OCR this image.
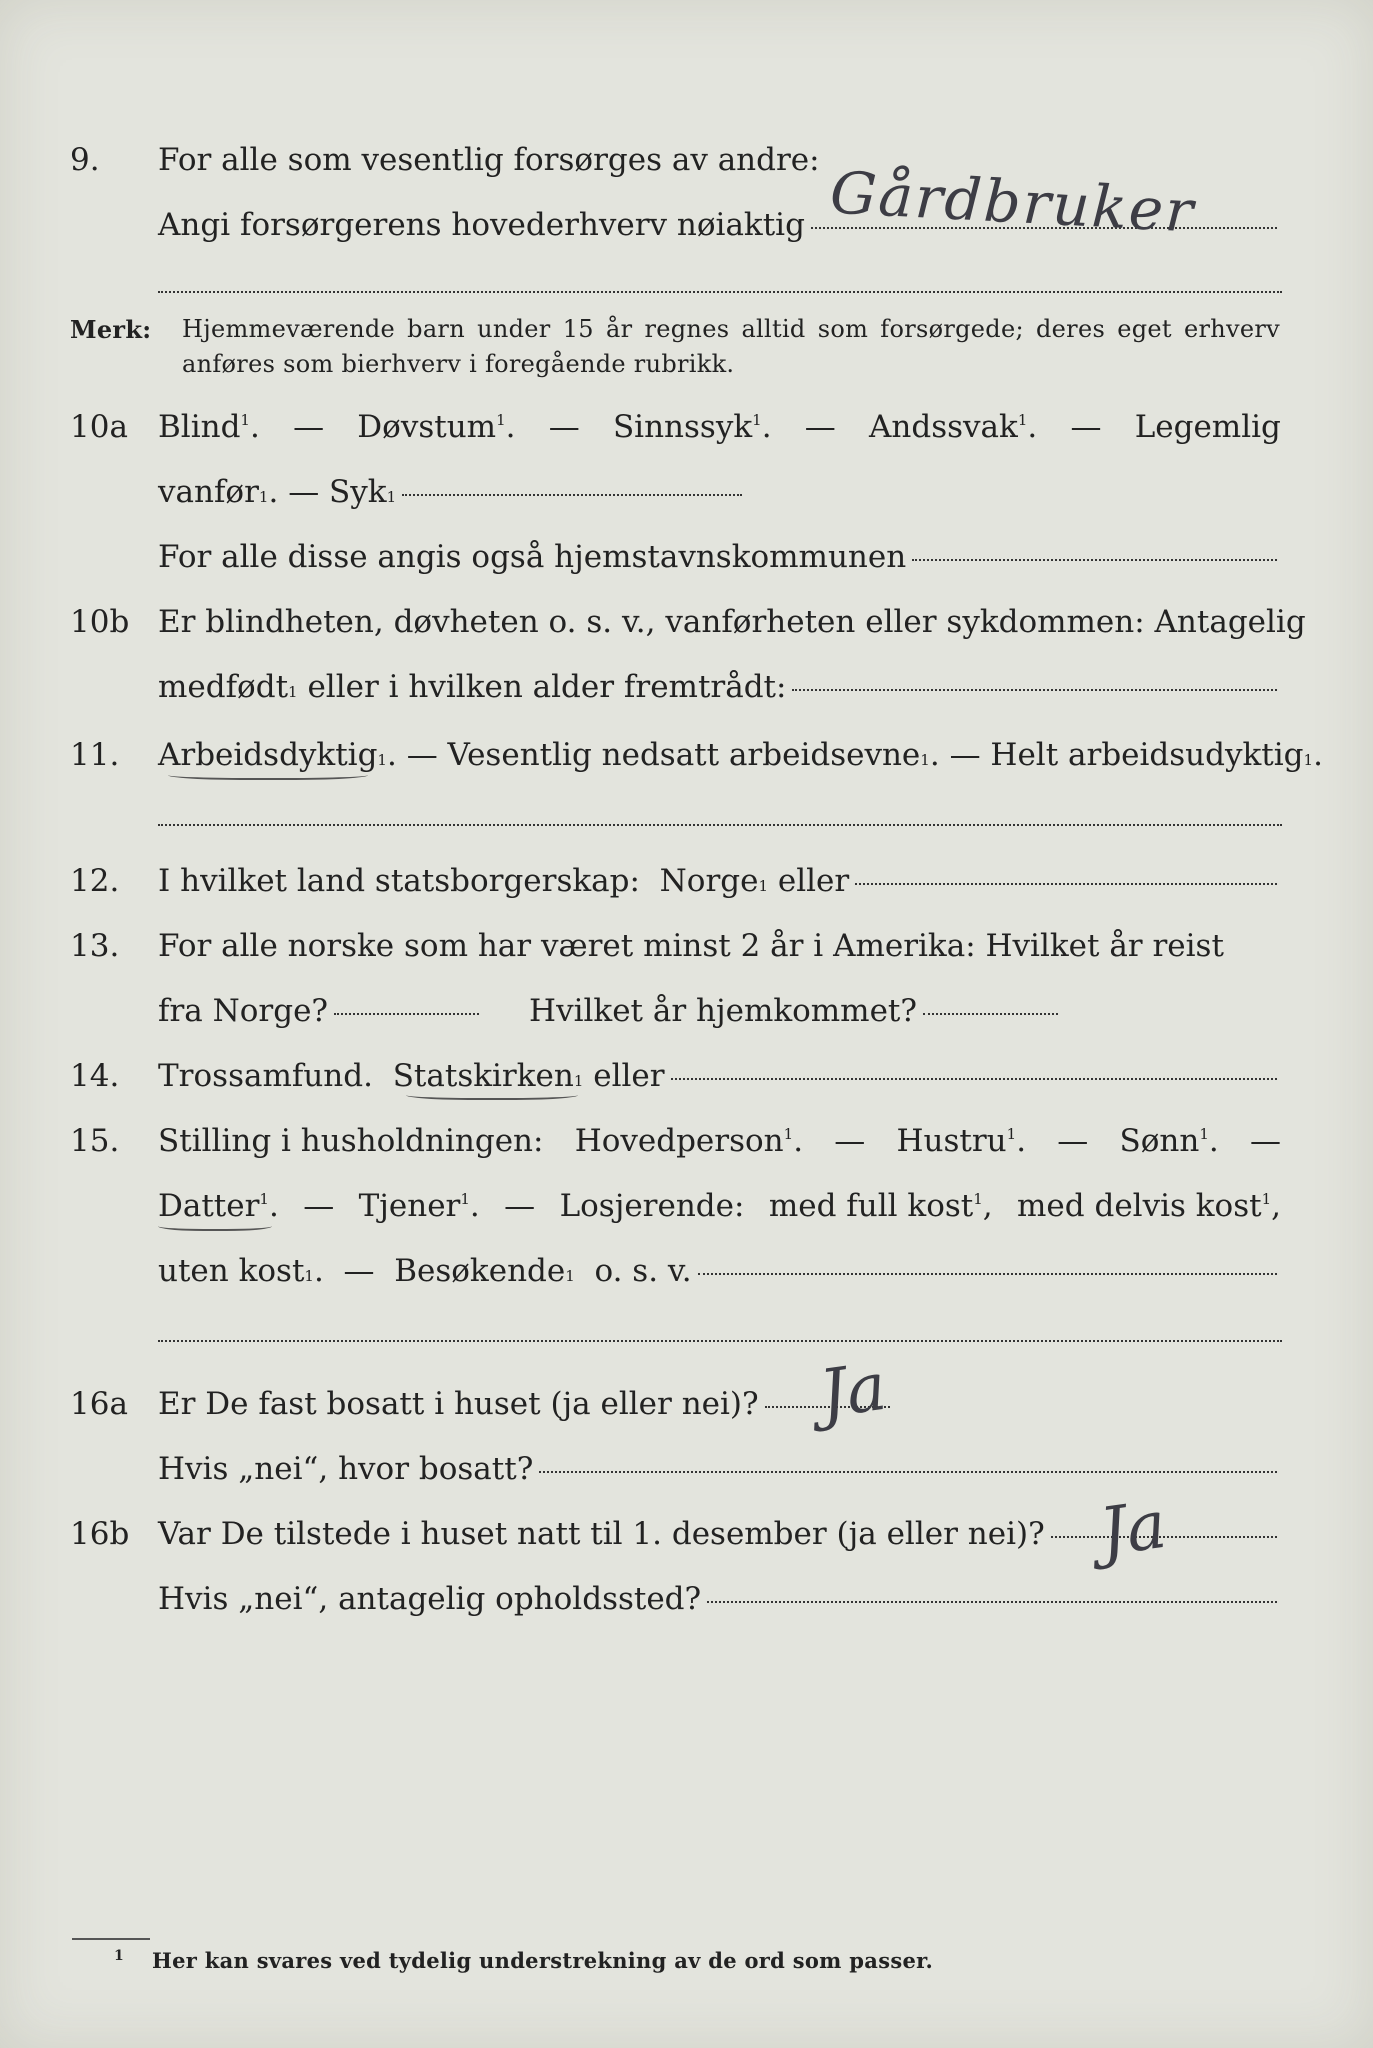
9. For alle som vesentlig forsørges av andre:
Angi forsørgerens hovederhverv nøiaktig Gårdbruker
Merk: Hjemmeværende barn under 15 år regnes alltid som forsørgede; deres eget erhverv anføres som bierhverv i foregående rubrikk.
10a Blind$^1$. — Døvstum$^1$. — Sinnssyk$^1$. — Andssvak$^1$. — Legemlig
vanfør 1 . —
Syk 1
For alle disse angis også hjemstavnskommunen
10b Er blindheten, døvheten o. s. v., vanførheten eller sykdommen: Antagelig
medfødt 1
eller i hvilken alder fremtrådt:
11. Arbeidsdyktig 1 . —
Vesentlig nedsatt arbeidsevne 1 . —
Helt arbeidsudyktig 1 .
12. I hvilket land statsborgerskap:
Norge 1
eller
13. For alle norske som har været minst 2 år i Amerika: Hvilket år reist
fra Norge?	Hvilket år hjemkommet?
14. Trossamfund.
Statskirken 1
eller
15. Stilling i husholdningen: Hovedperson$^1$. — Hustru$^1$. — Sønn$^1$. —
Datter$^1$. — Tjener$^1$. — Losjerende: med full kost$^1$, med delvis kost$^1$,
uten kost 1 . —
Besøkende 1
o. s. v.
16a Er De fast bosatt i huset (ja eller nei)? Ja
Hvis „nei“, hvor bosatt?
16b Var De tilstede i huset natt til 1. desember (ja eller nei)? Ja
Hvis „nei“, antagelig opholdssted?
1 Her kan svares ved tydelig understrekning av de ord som passer.
